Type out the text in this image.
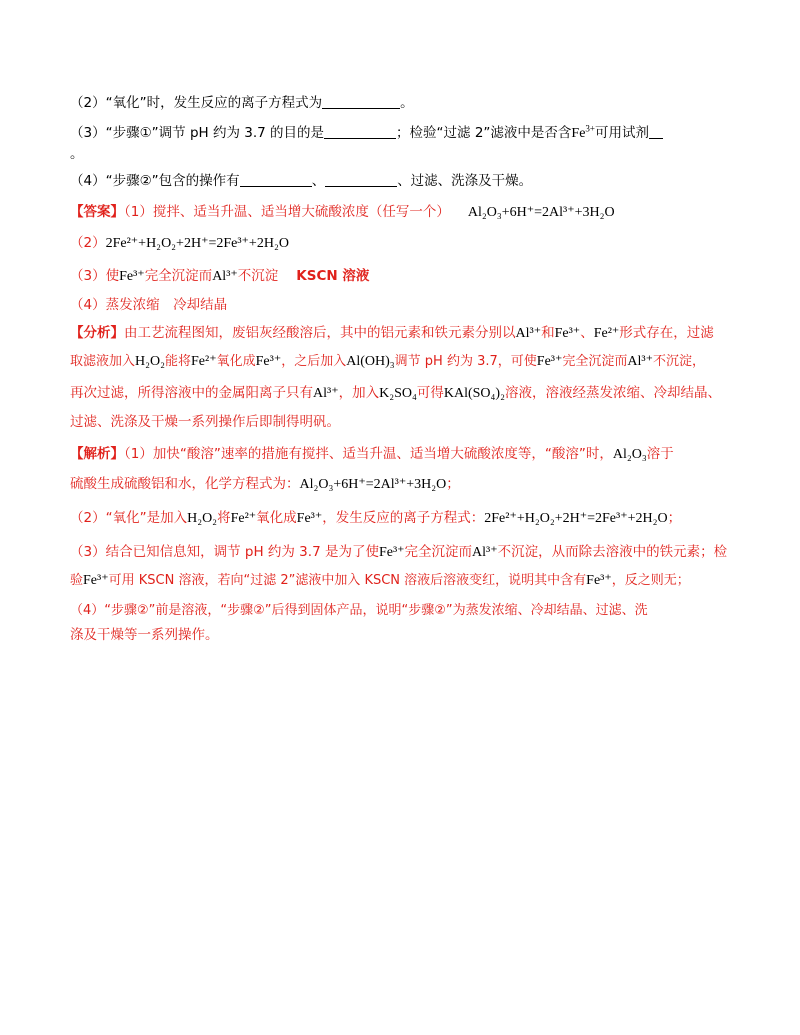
（2）“氧化”时，发生反应的离子方程式为	。
（3）“步骤①”调节 pH 约为 3.7 的目的是	；检验“过滤 2”滤液中是否含$Fe^{3+}$可用试剂
。
（4）“步骤②”包含的操作有	、	、过滤、洗涤及干燥。
【答案】（1）搅拌、适当升温、适当增大硫酸浓度（任写一个） Al₂O₃+6H⁺=2Al³⁺+3H₂O
（2）2Fe²⁺+H₂O₂+2H⁺=2Fe³⁺+2H₂O
（3）使Fe³⁺完全沉淀而Al³⁺不沉淀 KSCN 溶液
（4）蒸发浓缩　冷却结晶
【分析】由工艺流程图知，废铝灰经酸溶后，其中的铝元素和铁元素分别以Al³⁺和Fe³⁺、Fe²⁺形式存在，过滤
取滤液加入H₂O₂能将Fe²⁺氧化成Fe³⁺，之后加入Al(OH)₃调节 pH 约为 3.7，可使Fe³⁺完全沉淀而Al³⁺不沉淀，
再次过滤，所得溶液中的金属阳离子只有Al³⁺，加入K₂SO₄可得KAl(SO₄)₂溶液，溶液经蒸发浓缩、冷却结晶、
过滤、洗涤及干燥一系列操作后即制得明矾。
【解析】（1）加快“酸溶”速率的措施有搅拌、适当升温、适当增大硫酸浓度等，“酸溶”时，Al₂O₃溶于
硫酸生成硫酸铝和水，化学方程式为：Al₂O₃+6H⁺=2Al³⁺+3H₂O；
（2）“氧化”是加入H₂O₂将Fe²⁺氧化成Fe³⁺，发生反应的离子方程式：2Fe²⁺+H₂O₂+2H⁺=2Fe³⁺+2H₂O；
（3）结合已知信息知，调节 pH 约为 3.7 是为了使Fe³⁺完全沉淀而Al³⁺不沉淀，从而除去溶液中的铁元素；检
验Fe³⁺可用 KSCN 溶液，若向“过滤 2”滤液中加入 KSCN 溶液后溶液变红，说明其中含有Fe³⁺，反之则无；
（4）“步骤②”前是溶液，“步骤②”后得到固体产品，说明“步骤②”为蒸发浓缩、冷却结晶、过滤、洗
涤及干燥等一系列操作。
